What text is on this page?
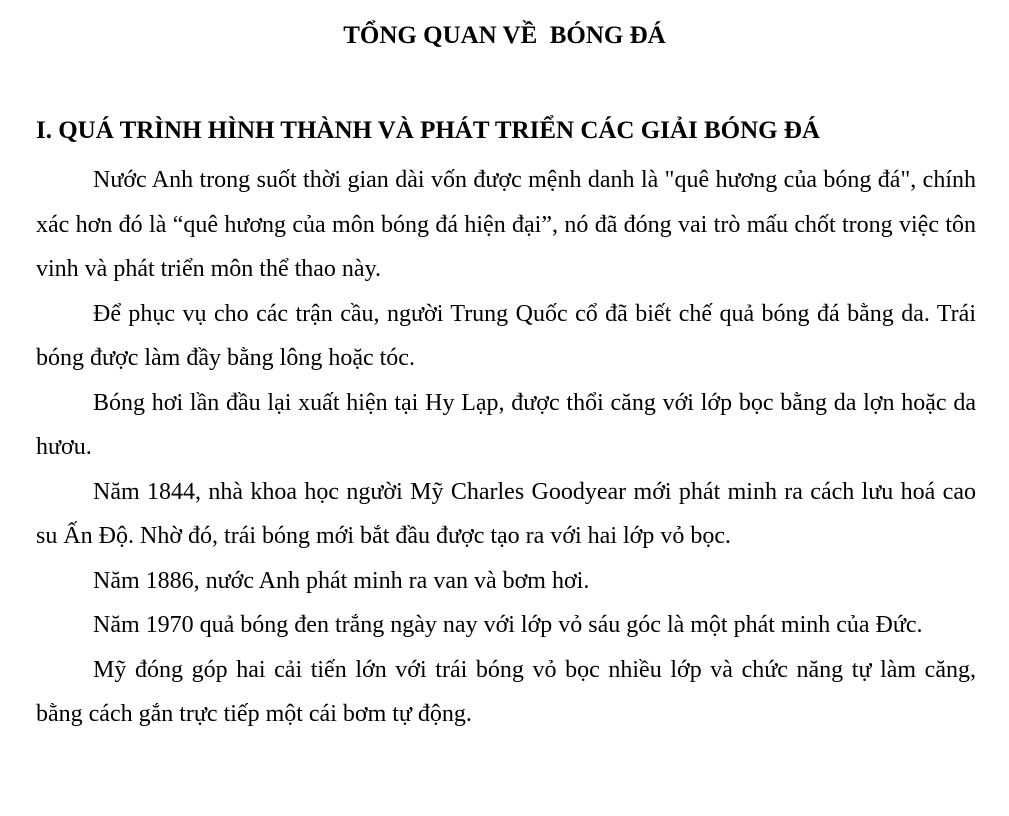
TỔNG QUAN VỀ  BÓNG ĐÁ
I. QUÁ TRÌNH HÌNH THÀNH VÀ PHÁT TRIỂN CÁC GIẢI BÓNG ĐÁ

Nước Anh trong suốt thời gian dài vốn được mệnh danh là "quê hương của bóng đá", chính xác hơn đó là “quê hương của môn bóng đá hiện đại”, nó đã đóng vai trò mấu chốt trong việc tôn vinh và phát triển môn thể thao này.

Để phục vụ cho các trận cầu, người Trung Quốc cổ đã biết chế quả bóng đá bằng da. Trái bóng được làm đầy bằng lông hoặc tóc.

Bóng hơi lần đầu lại xuất hiện tại Hy Lạp, được thổi căng với lớp bọc bằng da lợn hoặc da hươu.

Năm 1844, nhà khoa học người Mỹ Charles Goodyear mới phát minh ra cách lưu hoá cao su Ấn Độ. Nhờ đó, trái bóng mới bắt đầu được tạo ra với hai lớp vỏ bọc.

Năm 1886, nước Anh phát minh ra van và bơm hơi.

Năm 1970 quả bóng đen trắng ngày nay với lớp vỏ sáu góc là một phát minh của Đức.

Mỹ đóng góp hai cải tiến lớn với trái bóng vỏ bọc nhiều lớp và chức năng tự làm căng, bằng cách gắn trực tiếp một cái bơm tự động.
